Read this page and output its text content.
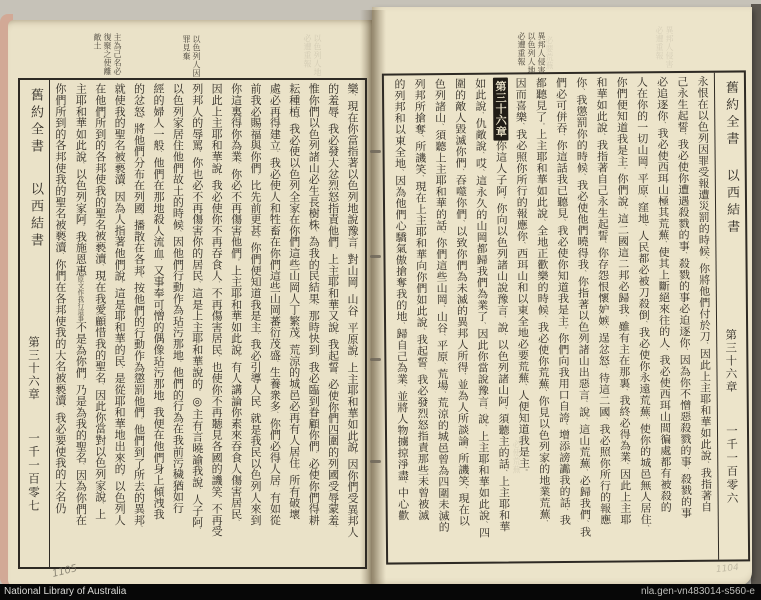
以色列人因
罪見棄
主為己名必
復聚之使離
敵土	異邦人侵害
以色列人地
必遭重報
以色列人地
必遭重報	必要荒蕪	異邦人侵害
必遭重報
必使荒蕪
舊約全書
以西結書
第三十六章
一千一百零七
樂、現在你當指著以色列地說豫言、對山岡、山谷、平原說、上主耶和華如此說、因你們受異邦人
的羞辱、我必發大忿烈怒指責他們、上主耶和華又說、我起誓、必使你們四圍的列國受辱蒙羞、
惟你們以色列諸山必生長樹株、為我的民結果、那時快到、我必臨到眷顧你們、必使你們得耕
耘種植、我必使以色列全家在你們這些山岡人丁繁茂、荒涼的城邑必再有人居住、所有破壞
處必再得建立、我必使人和牲畜在你們這些山岡蕃衍茂盛、生養衆多、你們必得人居、有如從
前我必賜福與你們、比先前更甚、你們便知道我是主、我必引導人民、就是我民以色列人來到
你這裏得你為業、你必不再傷害他們。上主耶和華如此說、有人講論你素來吞食人傷害居民、
因此上主耶和華說、我必使你不再吞食人、不再傷害居民、也使你不再聽見各國的譏笑、不再受
列邦人的辱罵、你也必不再傷害你的居民、這是上主耶和華說的。◎主有言曉諭我說、人子阿、
以色列家居住他們故土的時候、因他們行動作為玷污那地、他們的行為在我前污穢猶如行
經的婦人一般、他們在那地殺人流血、又事奉可憎的偶像玷污那地、我便在他們身上傾洩我
的忿怒、將他們分布在列國、播散在各邦、按他們的行動作為懲罰他們、他們到了所去的異邦、
就使我的聖名被褻瀆、因為人指著他們說、這是耶和華的民、是從耶和華地出來的、以色列人
在他們所到的各邦使我的聖名被褻瀆、現在我愛顧惜我的聖名、因此你當對以色列家說、上
主耶和華如此說、以色列家阿、我施恩惠原文作我行這事不是為你們、乃是為我的聖名、因為你們在
你們所到的各邦使我的聖名被褻瀆、你們在各邦使我的大名被褻瀆、我必要使我的大名仍
舊約全書
以西結書
第三十六章
一千一百零六
永恨在以色列因罪受報遭災罰的時候、你將他們付於刀、因此上主耶和華如此說、我指著自
己永生起誓、我必使你遭遇殺戮的事、殺戮的事必迫逐你、因為你不憎惡殺戮的事、殺戮的事
必追逐你、我必使西珥山極其荒蕪、使其上斷絕來往的人、我必使西珥山間徧處都有被殺的
人在你的一切山岡、平原、窪地、人民都必被刀殺倒、我必使你永遠荒蕪、使你的城邑無人居住、
你們便知道我是主。你們說、這二國這二邦必歸我、雖有主在那裏、我終必得為業、因此上主耶
和華如此說、我指著自己永生起誓、你存怨恨懷妒嫉、逞忿怒、待這二國、我必照你所行的報應
你、我懲罰你的時候、我必使他們曉得我、你指著以色列諸山出惡言、說、這山荒蕪、必歸我們、我
們必可併吞、你這話我已聽見、我必使你知道我是主。你們向我用口自誇、增添謗讟我的話、我
都聽見了。上主耶和華如此說、全地正歡樂的時候、我必使你荒蕪、你見以色列家的地業荒蕪、
因而喜樂、我必照你所行的報應你、西珥山和以東全地必要荒蕪、人便知道我是主。
第三十六章你這人子阿、你向以色列諸山說豫言、說、以色列諸山阿、須聽主的話、上主耶和華
如此說、仇敵說、哎、這永久的山岡都歸我們為業了、因此你當說豫言、說、上主耶和華如此說、四
圍的敵人毀滅你們、吞噬你們、以致你們為未滅的異邦人所得、並為人所談論、所譏笑、現在以
色列諸山、須聽上主耶和華的話、你們這些山岡、山谷、平原、荒場、荒涼的城邑曾為四圍未滅的
列邦所搶奪、所譏笑、現在上主耶和華向你們如此說、我起誓、我必發烈怒指責那些未曾被滅
的列邦和以東全地、因為他們心驕氣傲搶奪我的地、歸自己為業、並將人物擄掠淨盡、中心歡
1105	1104
National Library of Australia	nla.gen-vn483014-s560-e
